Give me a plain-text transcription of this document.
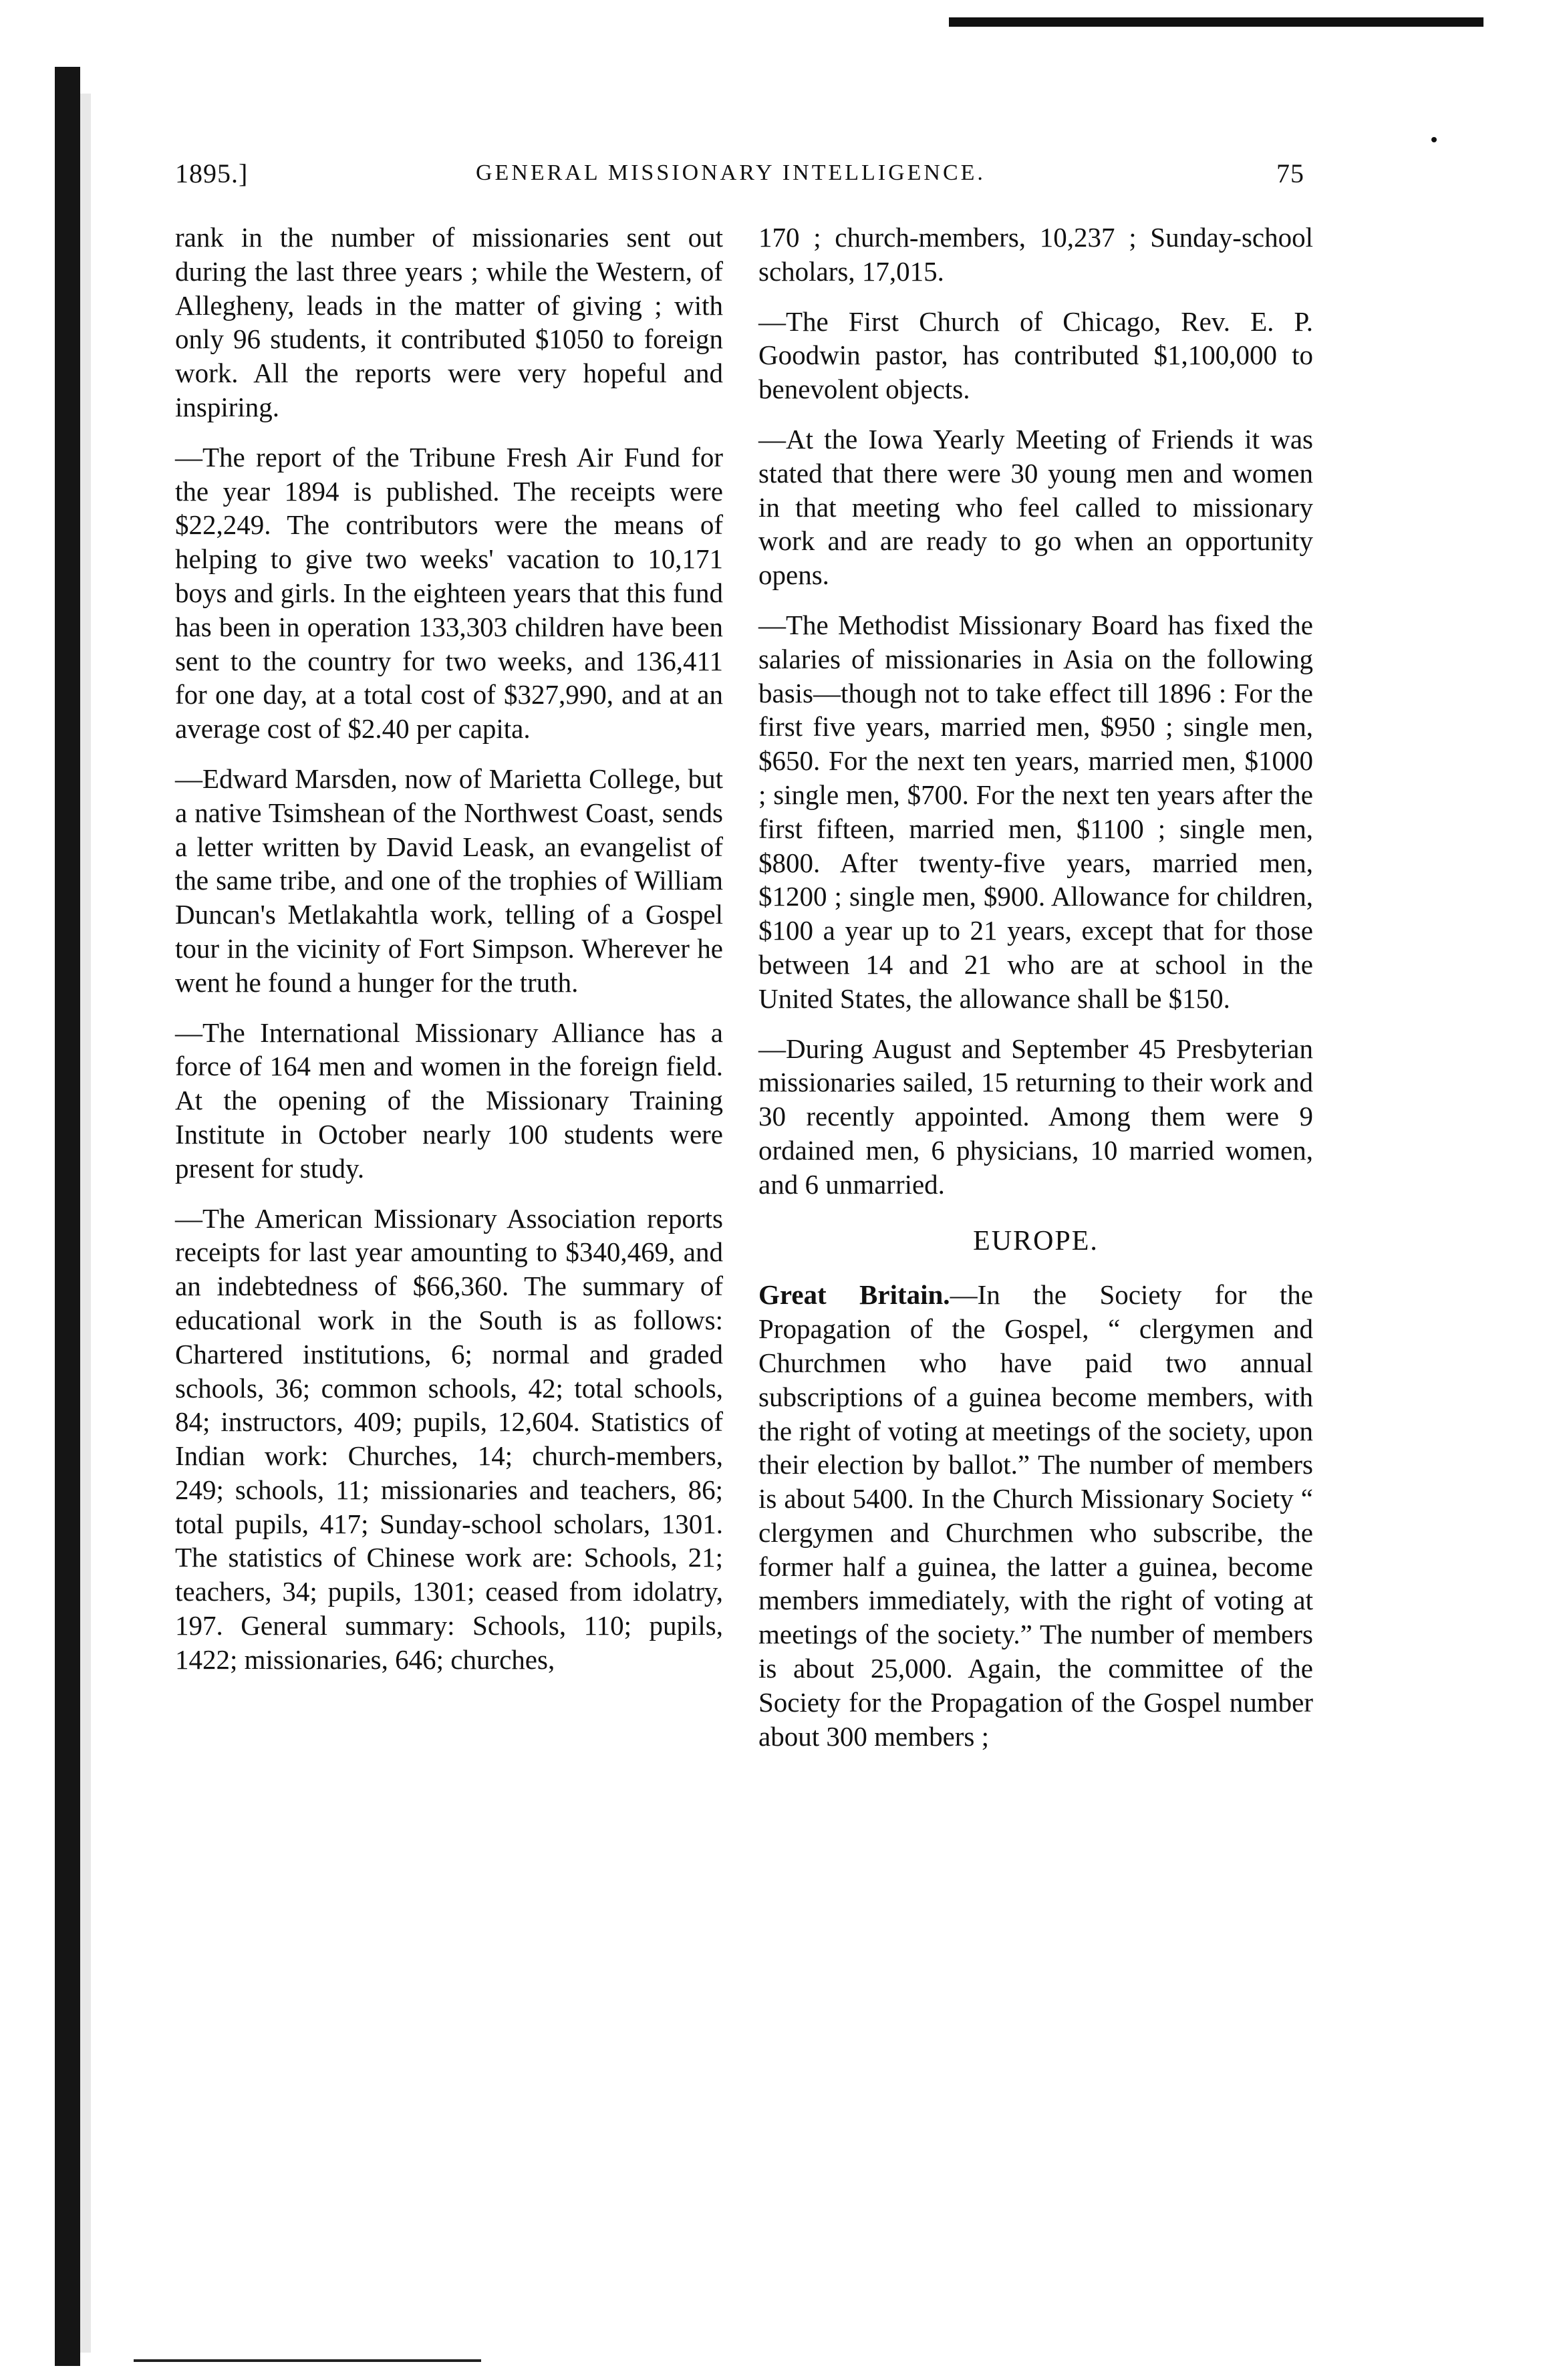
1895.]	GENERAL MISSIONARY INTELLIGENCE.	75

rank in the number of missionaries sent out during the last three years ; while the Western, of Allegheny, leads in the matter of giving ; with only 96 students, it contributed $1050 to foreign work. All the reports were very hopeful and inspiring.

—The report of the Tribune Fresh Air Fund for the year 1894 is published. The receipts were $22,249. The contributors were the means of helping to give two weeks' vacation to 10,171 boys and girls. In the eighteen years that this fund has been in operation 133,303 children have been sent to the country for two weeks, and 136,411 for one day, at a total cost of $327,990, and at an average cost of $2.40 per capita.

—Edward Marsden, now of Marietta College, but a native Tsimshean of the Northwest Coast, sends a letter written by David Leask, an evangelist of the same tribe, and one of the trophies of William Duncan's Metlakahtla work, telling of a Gospel tour in the vicinity of Fort Simpson. Wherever he went he found a hunger for the truth.

—The International Missionary Alliance has a force of 164 men and women in the foreign field. At the opening of the Missionary Training Institute in October nearly 100 students were present for study.

—The American Missionary Association reports receipts for last year amounting to $340,469, and an indebtedness of $66,360. The summary of educational work in the South is as follows: Chartered institutions, 6; normal and graded schools, 36; common schools, 42; total schools, 84; instructors, 409; pupils, 12,604. Statistics of Indian work: Churches, 14; church-members, 249; schools, 11; missionaries and teachers, 86; total pupils, 417; Sunday-school scholars, 1301. The statistics of Chinese work are: Schools, 21; teachers, 34; pupils, 1301; ceased from idolatry, 197. General summary: Schools, 110; pupils, 1422; missionaries, 646; churches,

170 ; church-members, 10,237 ; Sunday-school scholars, 17,015.

—The First Church of Chicago, Rev. E. P. Goodwin pastor, has contributed $1,100,000 to benevolent objects.

—At the Iowa Yearly Meeting of Friends it was stated that there were 30 young men and women in that meeting who feel called to missionary work and are ready to go when an opportunity opens.

—The Methodist Missionary Board has fixed the salaries of missionaries in Asia on the following basis—though not to take effect till 1896 : For the first five years, married men, $950 ; single men, $650. For the next ten years, married men, $1000 ; single men, $700. For the next ten years after the first fifteen, married men, $1100 ; single men, $800. After twenty-five years, married men, $1200 ; single men, $900. Allowance for children, $100 a year up to 21 years, except that for those between 14 and 21 who are at school in the United States, the allowance shall be $150.

—During August and September 45 Presbyterian missionaries sailed, 15 returning to their work and 30 recently appointed. Among them were 9 ordained men, 6 physicians, 10 married women, and 6 unmarried.

EUROPE.

Great Britain.—In the Society for the Propagation of the Gospel, “ clergymen and Churchmen who have paid two annual subscriptions of a guinea become members, with the right of voting at meetings of the society, upon their election by ballot.” The number of members is about 5400. In the Church Missionary Society “ clergymen and Churchmen who subscribe, the former half a guinea, the latter a guinea, become members immediately, with the right of voting at meetings of the society.” The number of members is about 25,000. Again, the committee of the Society for the Propagation of the Gospel number about 300 members ;
